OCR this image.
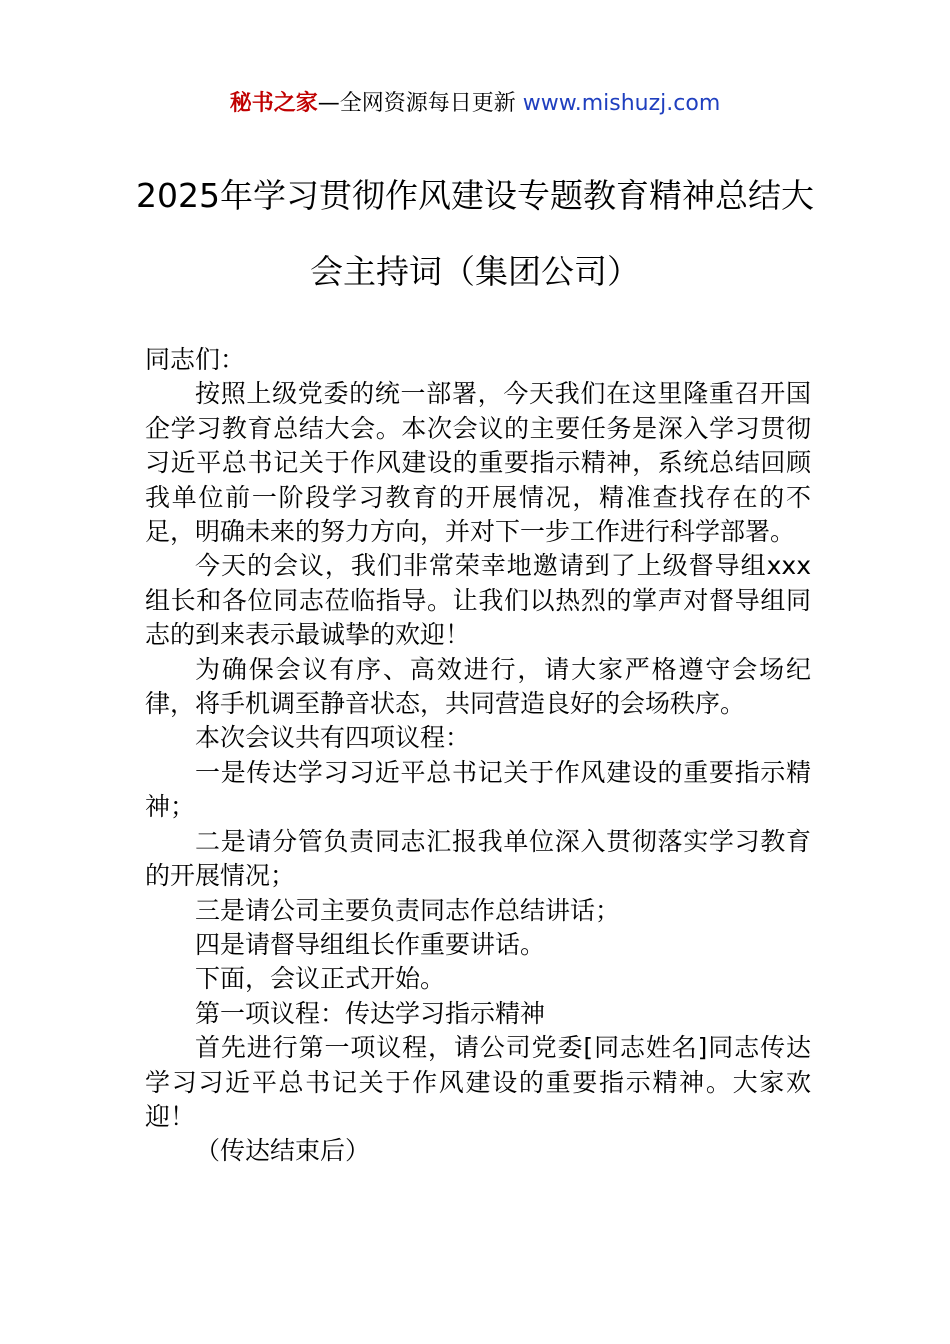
秘书之家—全网资源每日更新 www.mishuzj.com
2025年学习贯彻作风建设专题教育精神总结大会主持词（集团公司）

同志们：

按照上级党委的统一部署，今天我们在这里隆重召开国企学习教育总结大会。本次会议的主要任务是深入学习贯彻习近平总书记关于作风建设的重要指示精神，系统总结回顾我单位前一阶段学习教育的开展情况，精准查找存在的不足，明确未来的努力方向，并对下一步工作进行科学部署。

今天的会议，我们非常荣幸地邀请到了上级督导组xxx组长和各位同志莅临指导。让我们以热烈的掌声对督导组同志的到来表示最诚挚的欢迎！

为确保会议有序、高效进行，请大家严格遵守会场纪律，将手机调至静音状态，共同营造良好的会场秩序。

本次会议共有四项议程：

一是传达学习习近平总书记关于作风建设的重要指示精神；

二是请分管负责同志汇报我单位深入贯彻落实学习教育的开展情况；

三是请公司主要负责同志作总结讲话；

四是请督导组组长作重要讲话。

下面，会议正式开始。

第一项议程：传达学习指示精神

首先进行第一项议程，请公司党委[同志姓名]同志传达学习习近平总书记关于作风建设的重要指示精神。大家欢迎！

（传达结束后）
